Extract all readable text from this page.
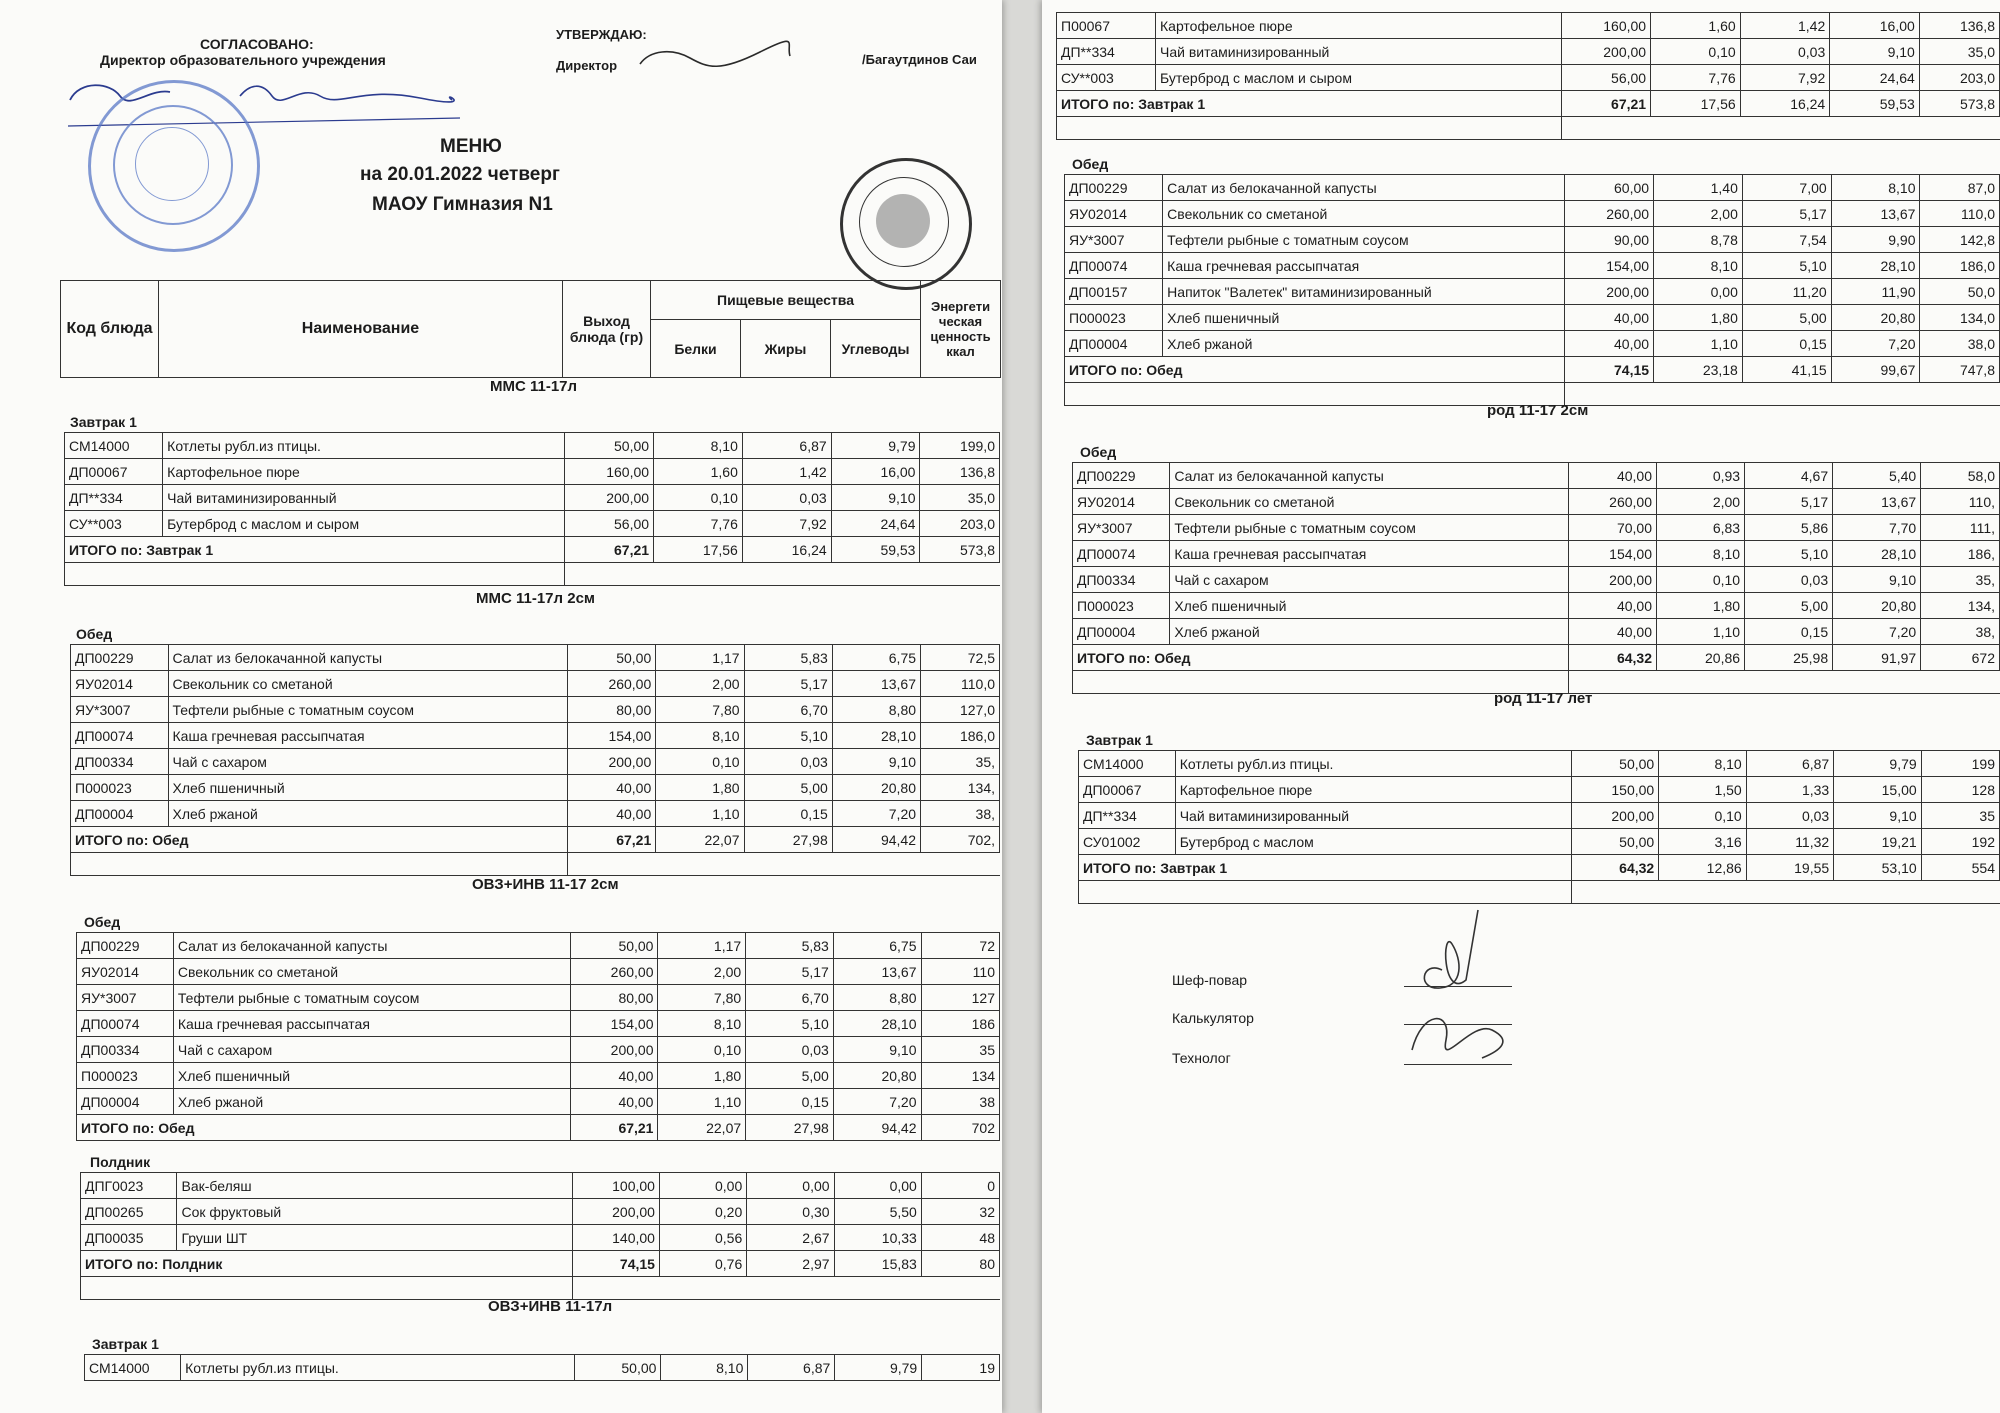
СОГЛАСОВАНО:
Директор образовательного учреждения
УТВЕРЖДАЮ:
Директор	/Багаутдинов Саи
МЕНЮ
на 20.01.2022 четверг
МАОУ Гимназия N1
Код блюда	Наименование	Выход блюда (гр)	Пищевые вещества			Энергети ческая ценность ккал
			Белки	Жиры	Углеводы	
ММС 11-17л
Завтрак 1
СМ14000	Котлеты рубл.из птицы.	50,00	8,10	6,87	9,79	199,0
ДП00067	Картофельное пюре	160,00	1,60	1,42	16,00	136,8
ДП**334	Чай витаминизированный	200,00	0,10	0,03	9,10	35,0
СУ**003	Бутерброд с маслом и сыром	56,00	7,76	7,92	24,64	203,0
ИТОГО по: Завтрак 1		67,21	17,56	16,24	59,53	573,8

ММС 11-17л 2см
Обед
ДП00229	Салат из белокачанной капусты	50,00	1,17	5,83	6,75	72,5
ЯУ02014	Свекольник со сметаной	260,00	2,00	5,17	13,67	110,0
ЯУ*3007	Тефтели рыбные с томатным соусом	80,00	7,80	6,70	8,80	127,0
ДП00074	Каша гречневая рассыпчатая	154,00	8,10	5,10	28,10	186,0
ДП00334	Чай с сахаром	200,00	0,10	0,03	9,10	35,
П000023	Хлеб пшеничный	40,00	1,80	5,00	20,80	134,
ДП00004	Хлеб ржаной	40,00	1,10	0,15	7,20	38,
ИТОГО по: Обед		67,21	22,07	27,98	94,42	702,

ОВЗ+ИНВ 11-17 2см
Обед
ДП00229	Салат из белокачанной капусты	50,00	1,17	5,83	6,75	72
ЯУ02014	Свекольник со сметаной	260,00	2,00	5,17	13,67	110
ЯУ*3007	Тефтели рыбные с томатным соусом	80,00	7,80	6,70	8,80	127
ДП00074	Каша гречневая рассыпчатая	154,00	8,10	5,10	28,10	186
ДП00334	Чай с сахаром	200,00	0,10	0,03	9,10	35
П000023	Хлеб пшеничный	40,00	1,80	5,00	20,80	134
ДП00004	Хлеб ржаной	40,00	1,10	0,15	7,20	38
ИТОГО по: Обед		67,21	22,07	27,98	94,42	702
Полдник
ДПГ0023	Вак-беляш	100,00	0,00	0,00	0,00	0
ДП00265	Сок фруктовый	200,00	0,20	0,30	5,50	32
ДП00035	Груши ШТ	140,00	0,56	2,67	10,33	48
ИТОГО по: Полдник		74,15	0,76	2,97	15,83	80

ОВЗ+ИНВ 11-17л
Завтрак 1
СМ14000	Котлеты рубл.из птицы.	50,00	8,10	6,87	9,79	19
П00067	Картофельное пюре	160,00	1,60	1,42	16,00	136,8
ДП**334	Чай витаминизированный	200,00	0,10	0,03	9,10	35,0
СУ**003	Бутерброд с маслом и сыром	56,00	7,76	7,92	24,64	203,0
ИТОГО по: Завтрак 1		67,21	17,56	16,24	59,53	573,8

Обед
ДП00229	Салат из белокачанной капусты	60,00	1,40	7,00	8,10	87,0
ЯУ02014	Свекольник со сметаной	260,00	2,00	5,17	13,67	110,0
ЯУ*3007	Тефтели рыбные с томатным соусом	90,00	8,78	7,54	9,90	142,8
ДП00074	Каша гречневая рассыпчатая	154,00	8,10	5,10	28,10	186,0
ДП00157	Напиток "Валетек" витаминизированный	200,00	0,00	11,20	11,90	50,0
П000023	Хлеб пшеничный	40,00	1,80	5,00	20,80	134,0
ДП00004	Хлеб ржаной	40,00	1,10	0,15	7,20	38,0
ИТОГО по: Обед		74,15	23,18	41,15	99,67	747,8

род 11-17 2см
Обед
ДП00229	Салат из белокачанной капусты	40,00	0,93	4,67	5,40	58,0
ЯУ02014	Свекольник со сметаной	260,00	2,00	5,17	13,67	110,
ЯУ*3007	Тефтели рыбные с томатным соусом	70,00	6,83	5,86	7,70	111,
ДП00074	Каша гречневая рассыпчатая	154,00	8,10	5,10	28,10	186,
ДП00334	Чай с сахаром	200,00	0,10	0,03	9,10	35,
П000023	Хлеб пшеничный	40,00	1,80	5,00	20,80	134,
ДП00004	Хлеб ржаной	40,00	1,10	0,15	7,20	38,
ИТОГО по: Обед		64,32	20,86	25,98	91,97	672

род 11-17 лет
Завтрак 1
СМ14000	Котлеты рубл.из птицы.	50,00	8,10	6,87	9,79	199
ДП00067	Картофельное пюре	150,00	1,50	1,33	15,00	128
ДП**334	Чай витаминизированный	200,00	0,10	0,03	9,10	35
СУ01002	Бутерброд с маслом	50,00	3,16	11,32	19,21	192
ИТОГО по: Завтрак 1		64,32	12,86	19,55	53,10	554

Шеф-повар
Калькулятор
Технолог
